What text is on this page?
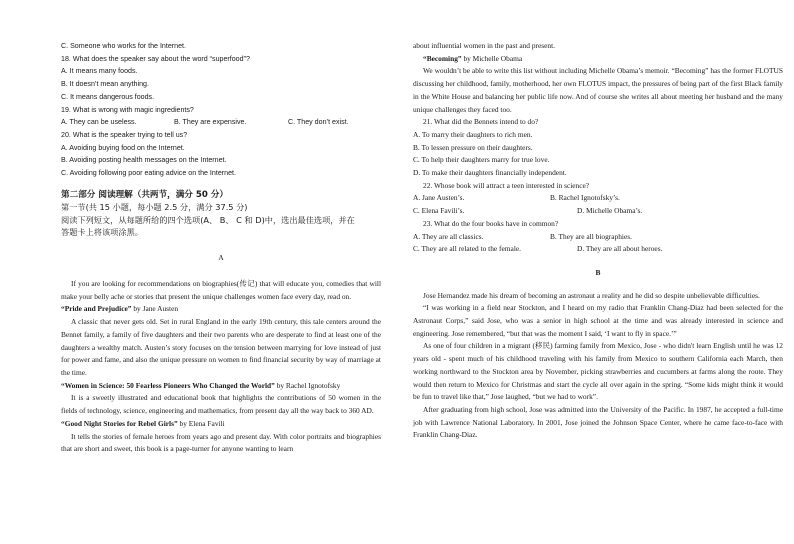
C. Someone who works for the Internet.
18. What does the speaker say about the word “superfood”?
A. It means many foods.
B. It doesn’t mean anything.
C. It means dangerous foods.
19. What is wrong with magic ingredients?
A. They can be useless.	B. They are expensive.	C. They don’t exist.
20. What is the speaker trying to tell us?
A. Avoiding buying food on the Internet.
B. Avoiding posting health messages on the Internet.
C. Avoiding following poor eating advice on the Internet.
第二部分 阅读理解（共两节，满分 50 分）
第一节(共 15 小题，每小题 2.5 分，满分 37.5 分)
阅读下列短文，从每题所给的四个选项(A、 B、 C 和 D)中，选出最佳选项，并在
答题卡上将该项涂黑。
A
If you are looking for recommendations on biographies(传记) that will educate you, comedies that will make your belly ache or stories that present the unique challenges women face every day, read on.
“Pride and Prejudice” by Jane Austen
A classic that never gets old. Set in rural England in the early 19th century, this tale centers around the Bennet family, a family of five daughters and their two parents who are desperate to find at least one of the daughters a wealthy match. Austen’s story focuses on the tension between marrying for love instead of just for power and fame, and also the unique pressure on women to find financial security by way of marriage at the time.
“Women in Science: 50 Fearless Pioneers Who Changed the World” by Rachel Ignotofsky
It is a sweetly illustrated and educational book that highlights the contributions of 50 women in the fields of technology, science, engineering and mathematics, from present day all the way back to 360 AD.
“Good Night Stories for Rebel Girls” by Elena Favili
It tells the stories of female heroes from years ago and present day. With color portraits and biographies that are short and sweet, this book is a page-turner for anyone wanting to learn
about influential women in the past and present.
“Becoming” by Michelle Obama
We wouldn’t be able to write this list without including Michelle Obama’s memoir. “Becoming” has the former FLOTUS discussing her childhood, family, motherhood, her own FLOTUS impact, the pressures of being part of the first Black family in the White House and balancing her public life now. And of course she writes all about meeting her husband and the many unique challenges they faced too.
21. What did the Bennets intend to do?
A. To marry their daughters to rich men.
B. To lessen pressure on their daughters.
C. To help their daughters marry for true love.
D. To make their daughters financially independent.
22. Whose book will attract a teen interested in science?
A. Jane Austen’s.	B. Rachel Ignotofsky’s.
C. Elena Favili’s.	D. Michelle Obama’s.
23. What do the four books have in common?
A. They are all classics.	B. They are all biographies.
C. They are all related to the female.	D. They are all about heroes.
B
Jose Hernandez made his dream of becoming an astronaut a reality and he did so despite unbelievable difficulties.
“I was working in a field near Stockton, and I heard on my radio that Franklin Chang-Diaz had been selected for the Astronaut Corps,” said Jose, who was a senior in high school at the time and was already interested in science and engineering. Jose remembered, “but that was the moment I said, ‘I want to fly in space.’”
As one of four children in a migrant (移民) farming family from Mexico, Jose - who didn't learn English until he was 12 years old - spent much of his childhood traveling with his family from Mexico to southern California each March, then working northward to the Stockton area by November, picking strawberries and cucumbers at farms along the route. They would then return to Mexico for Christmas and start the cycle all over again in the spring. “Some kids might think it would be fun to travel like that,” Jose laughed, “but we had to work”.
After graduating from high school, Jose was admitted into the University of the Pacific. In 1987, he accepted a full-time job with Lawrence National Laboratory. In 2001, Jose joined the Johnson Space Center, where he came face-to-face with Franklin Chang-Diaz.
